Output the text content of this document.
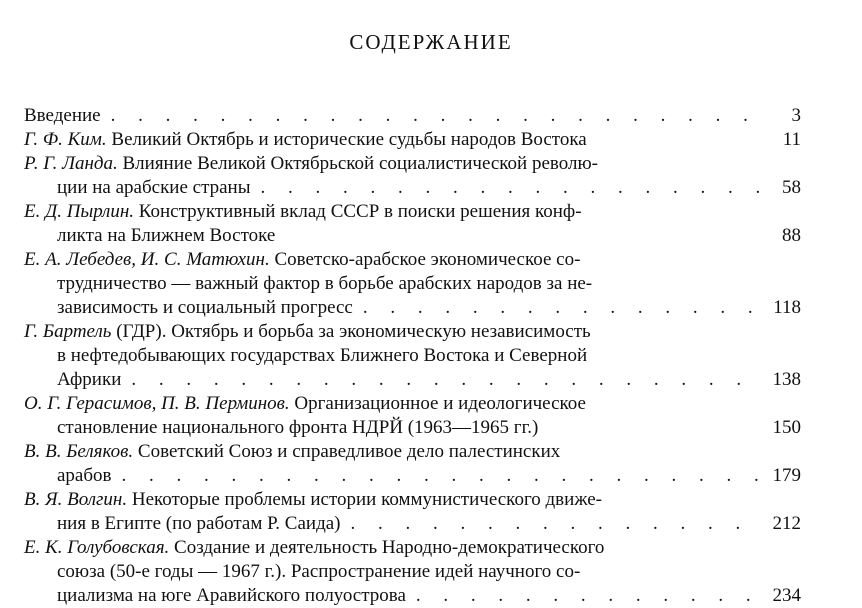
СОДЕРЖАНИЕ
Введение . . .	3
Г. Ф. Ким. Великий Октябрь и исторические судьбы народов Востока	11
Р. Г. Ланда. Влияние Великой Октябрьской социалистической револю-
ции на арабские страны . . .	58
Е. Д. Пырлин. Конструктивный вклад СССР в поиски решения конф-
ликта на Ближнем Востоке	88
Е. А. Лебедев, И. С. Матюхин. Советско-арабское экономическое со-
трудничество — важный фактор в борьбе арабских народов за не-
зависимость и социальный прогресс . . .	118
Г. Бартель (ГДР). Октябрь и борьба за экономическую независимость
в нефтедобывающих государствах Ближнего Востока и Северной
Африки . . .	138
О. Г. Герасимов, П. В. Перминов. Организационное и идеологическое
становление национального фронта НДРЙ (1963—1965 гг.)	150
В. В. Беляков. Советский Союз и справедливое дело палестинских
арабов . . .	179
В. Я. Волгин. Некоторые проблемы истории коммунистического движе-
ния в Египте (по работам Р. Саида) . . .	212
Е. К. Голубовская. Создание и деятельность Народно-демократического
союза (50-е годы — 1967 г.). Распространение идей научного со-
циализма на юге Аравийского полуострова . . .	234
